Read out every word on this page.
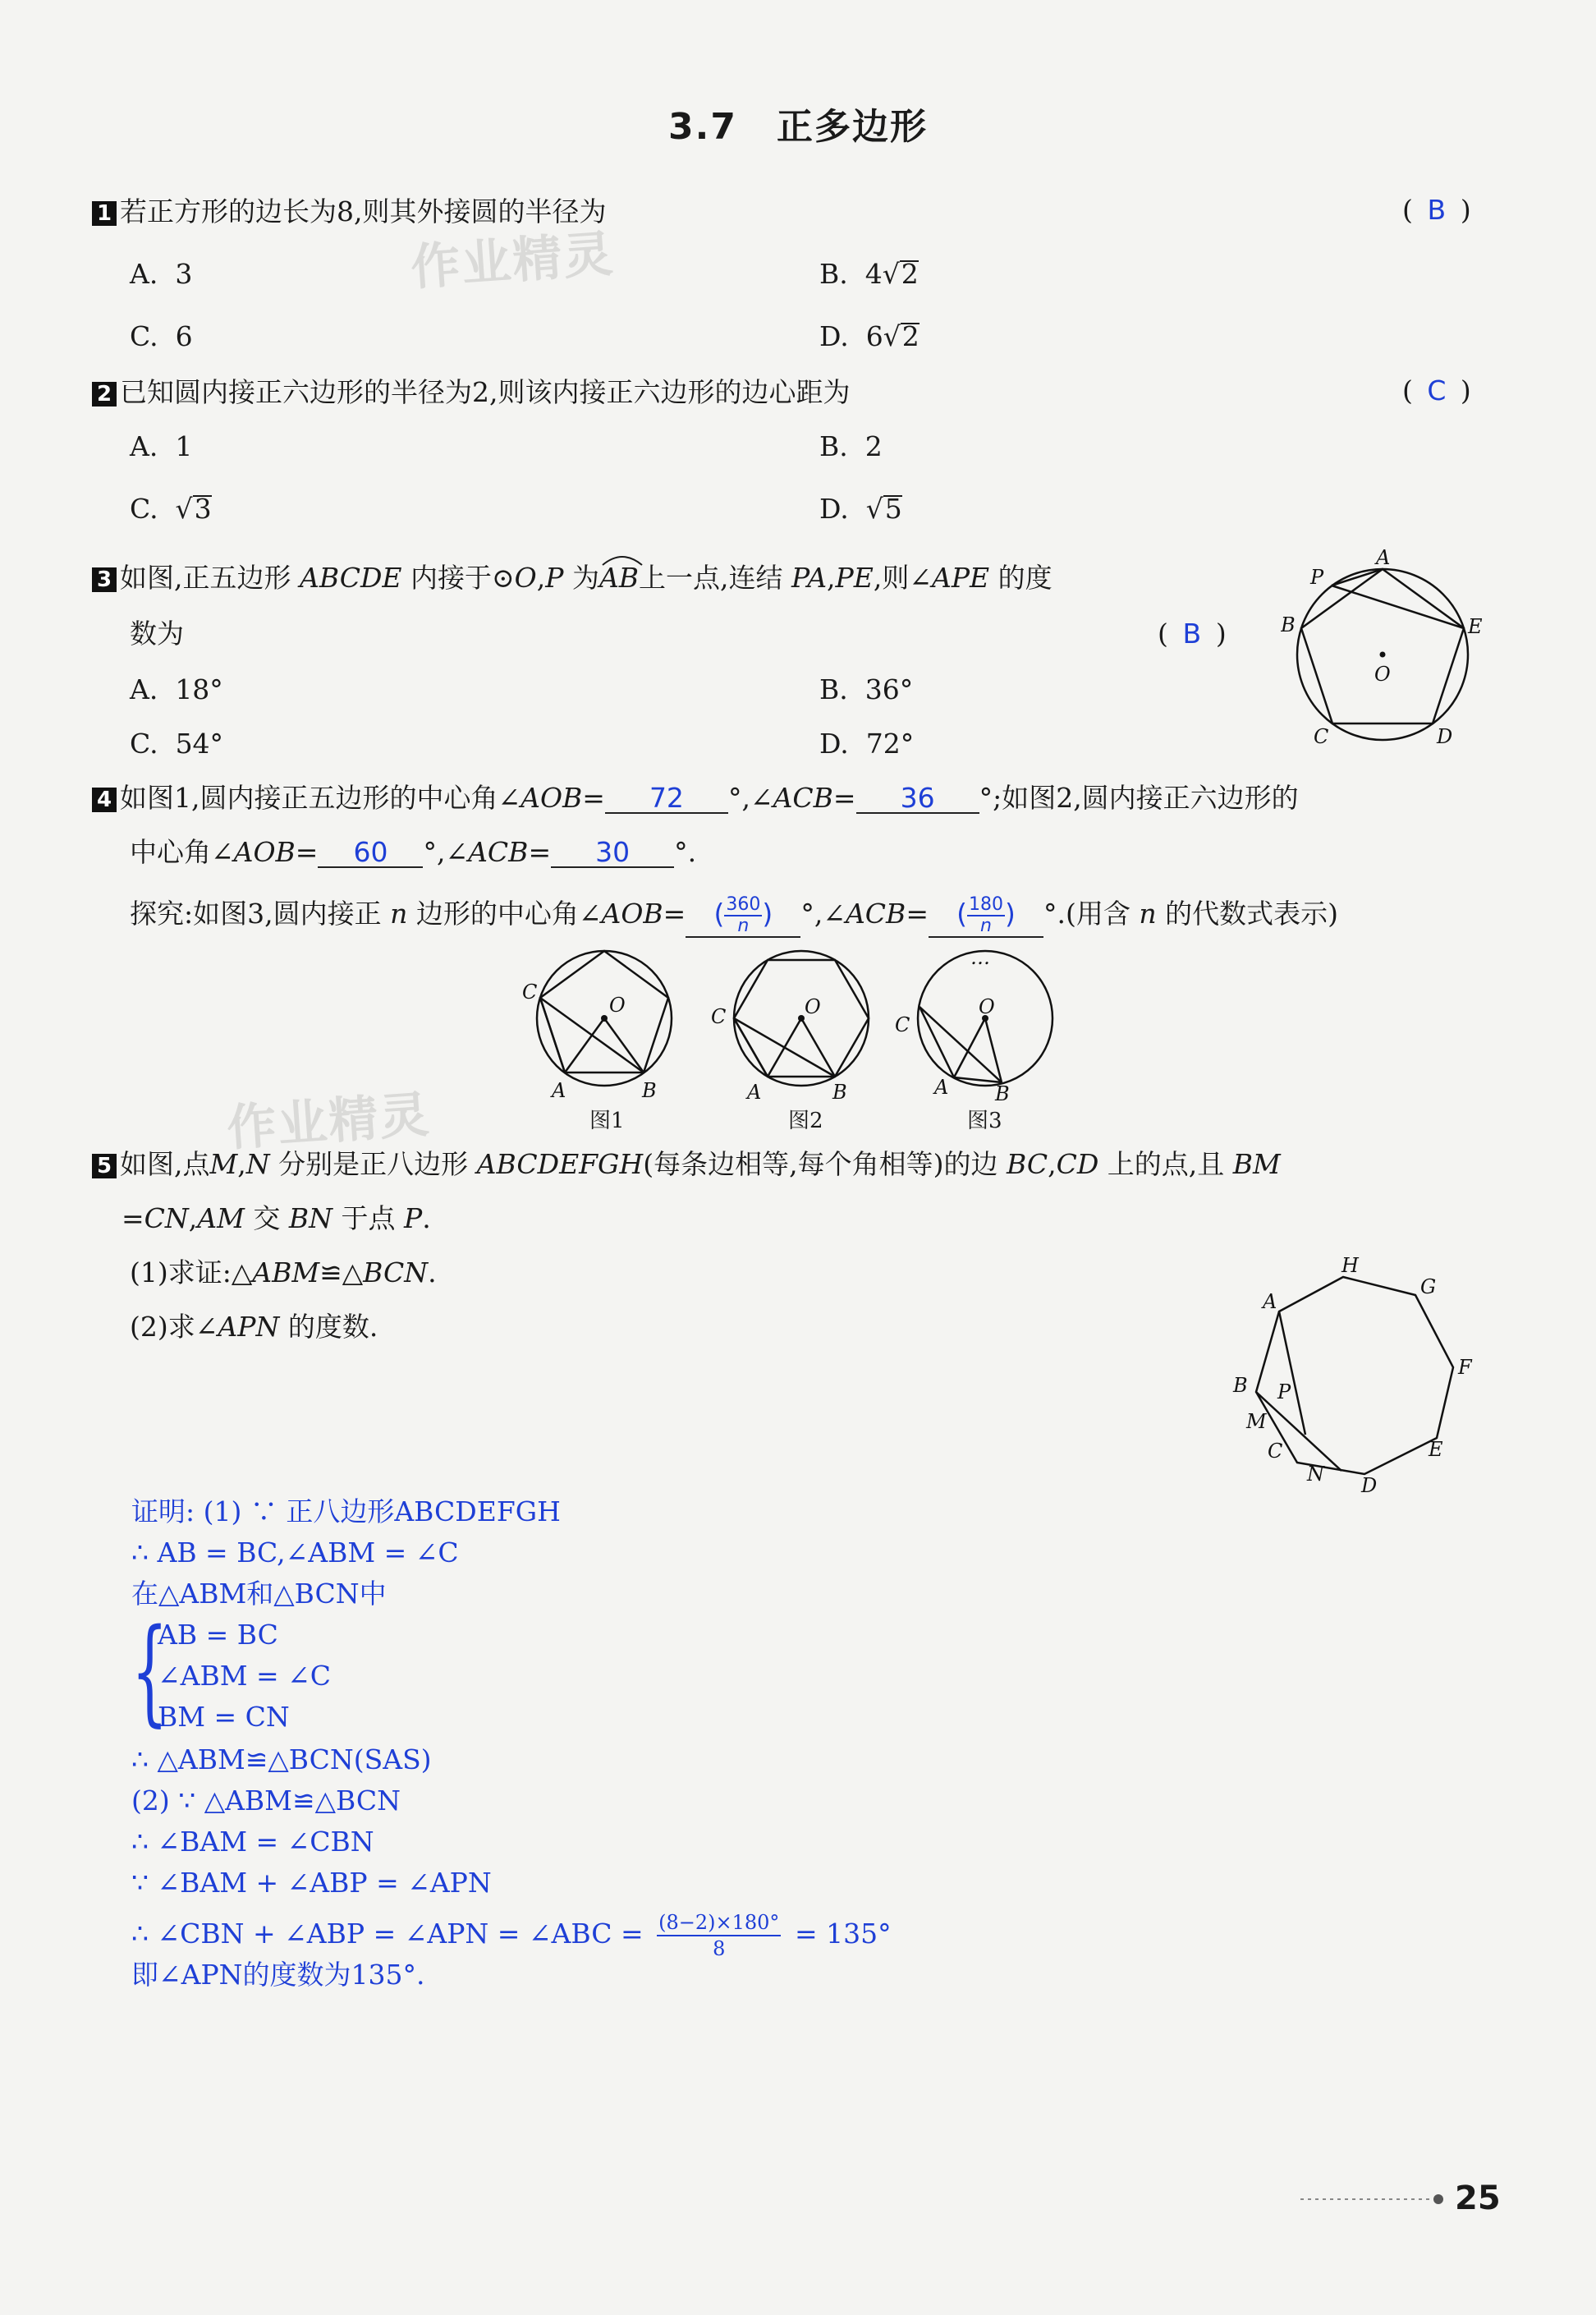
3.7 正多边形
作业精灵
作业精灵
1 若正方形的边长为8,则其外接圆的半径为	( B )
A. 3	B. 4√2
C. 6	D. 6√2
2 已知圆内接正六边形的半径为2,则该内接正六边形的边心距为	( C )
A. 1	B. 2
C.  √3	D.  √5
3 如图,正五边形 ABCDE 内接于⊙O,P 为
AB上一点,连结 PA,PE,则∠APE 的度
数为	( B )
A. 18°	B. 36°
C. 54°	D. 72°
A
P
B	E
O
C	D
4 如图1,圆内接正五边形的中心角∠AOB= 72 °,∠ACB= 36 °;如图2,圆内接正六边形的
中心角∠AOB= 60 °,∠ACB= 30 °.
探究:如图3,圆内接正 n 边形的中心角∠AOB= ( $\frac{360}{n}$ ) °,∠ACB= ( $\frac{180}{n}$ ) °.(用含 n 的代数式表示)
C
O
A	B
图1
C	O
A	B
图2
…
C
O
A B
图3
5 如图,点M,N 分别是正八边形 ABCDEFGH(每条边相等,每个角相等)的边 BC,CD 上的点,且 BM
=CN,AM 交 BN 于点 P.
(1)求证:△ABM≌△BCN.
(2)求∠APN 的度数.
H
G
A
F
B P
M
E
C
N D
证明: (1) ∵ 正八边形ABCDEFGH
∴ AB = BC,∠ABM = ∠C
在△ABM和△BCN中
{
AB = BC
∠ABM = ∠C
BM = CN
∴ △ABM≌△BCN(SAS)
(2) ∵ △ABM≌△BCN
∴ ∠BAM = ∠CBN
∵ ∠BAM + ∠ABP = ∠APN
∴ ∠CBN + ∠ABP = ∠APN = ∠ABC = $\frac{(8-2)\times 180^\circ}{8} = 135^\circ$
即∠APN的度数为135°.
25
